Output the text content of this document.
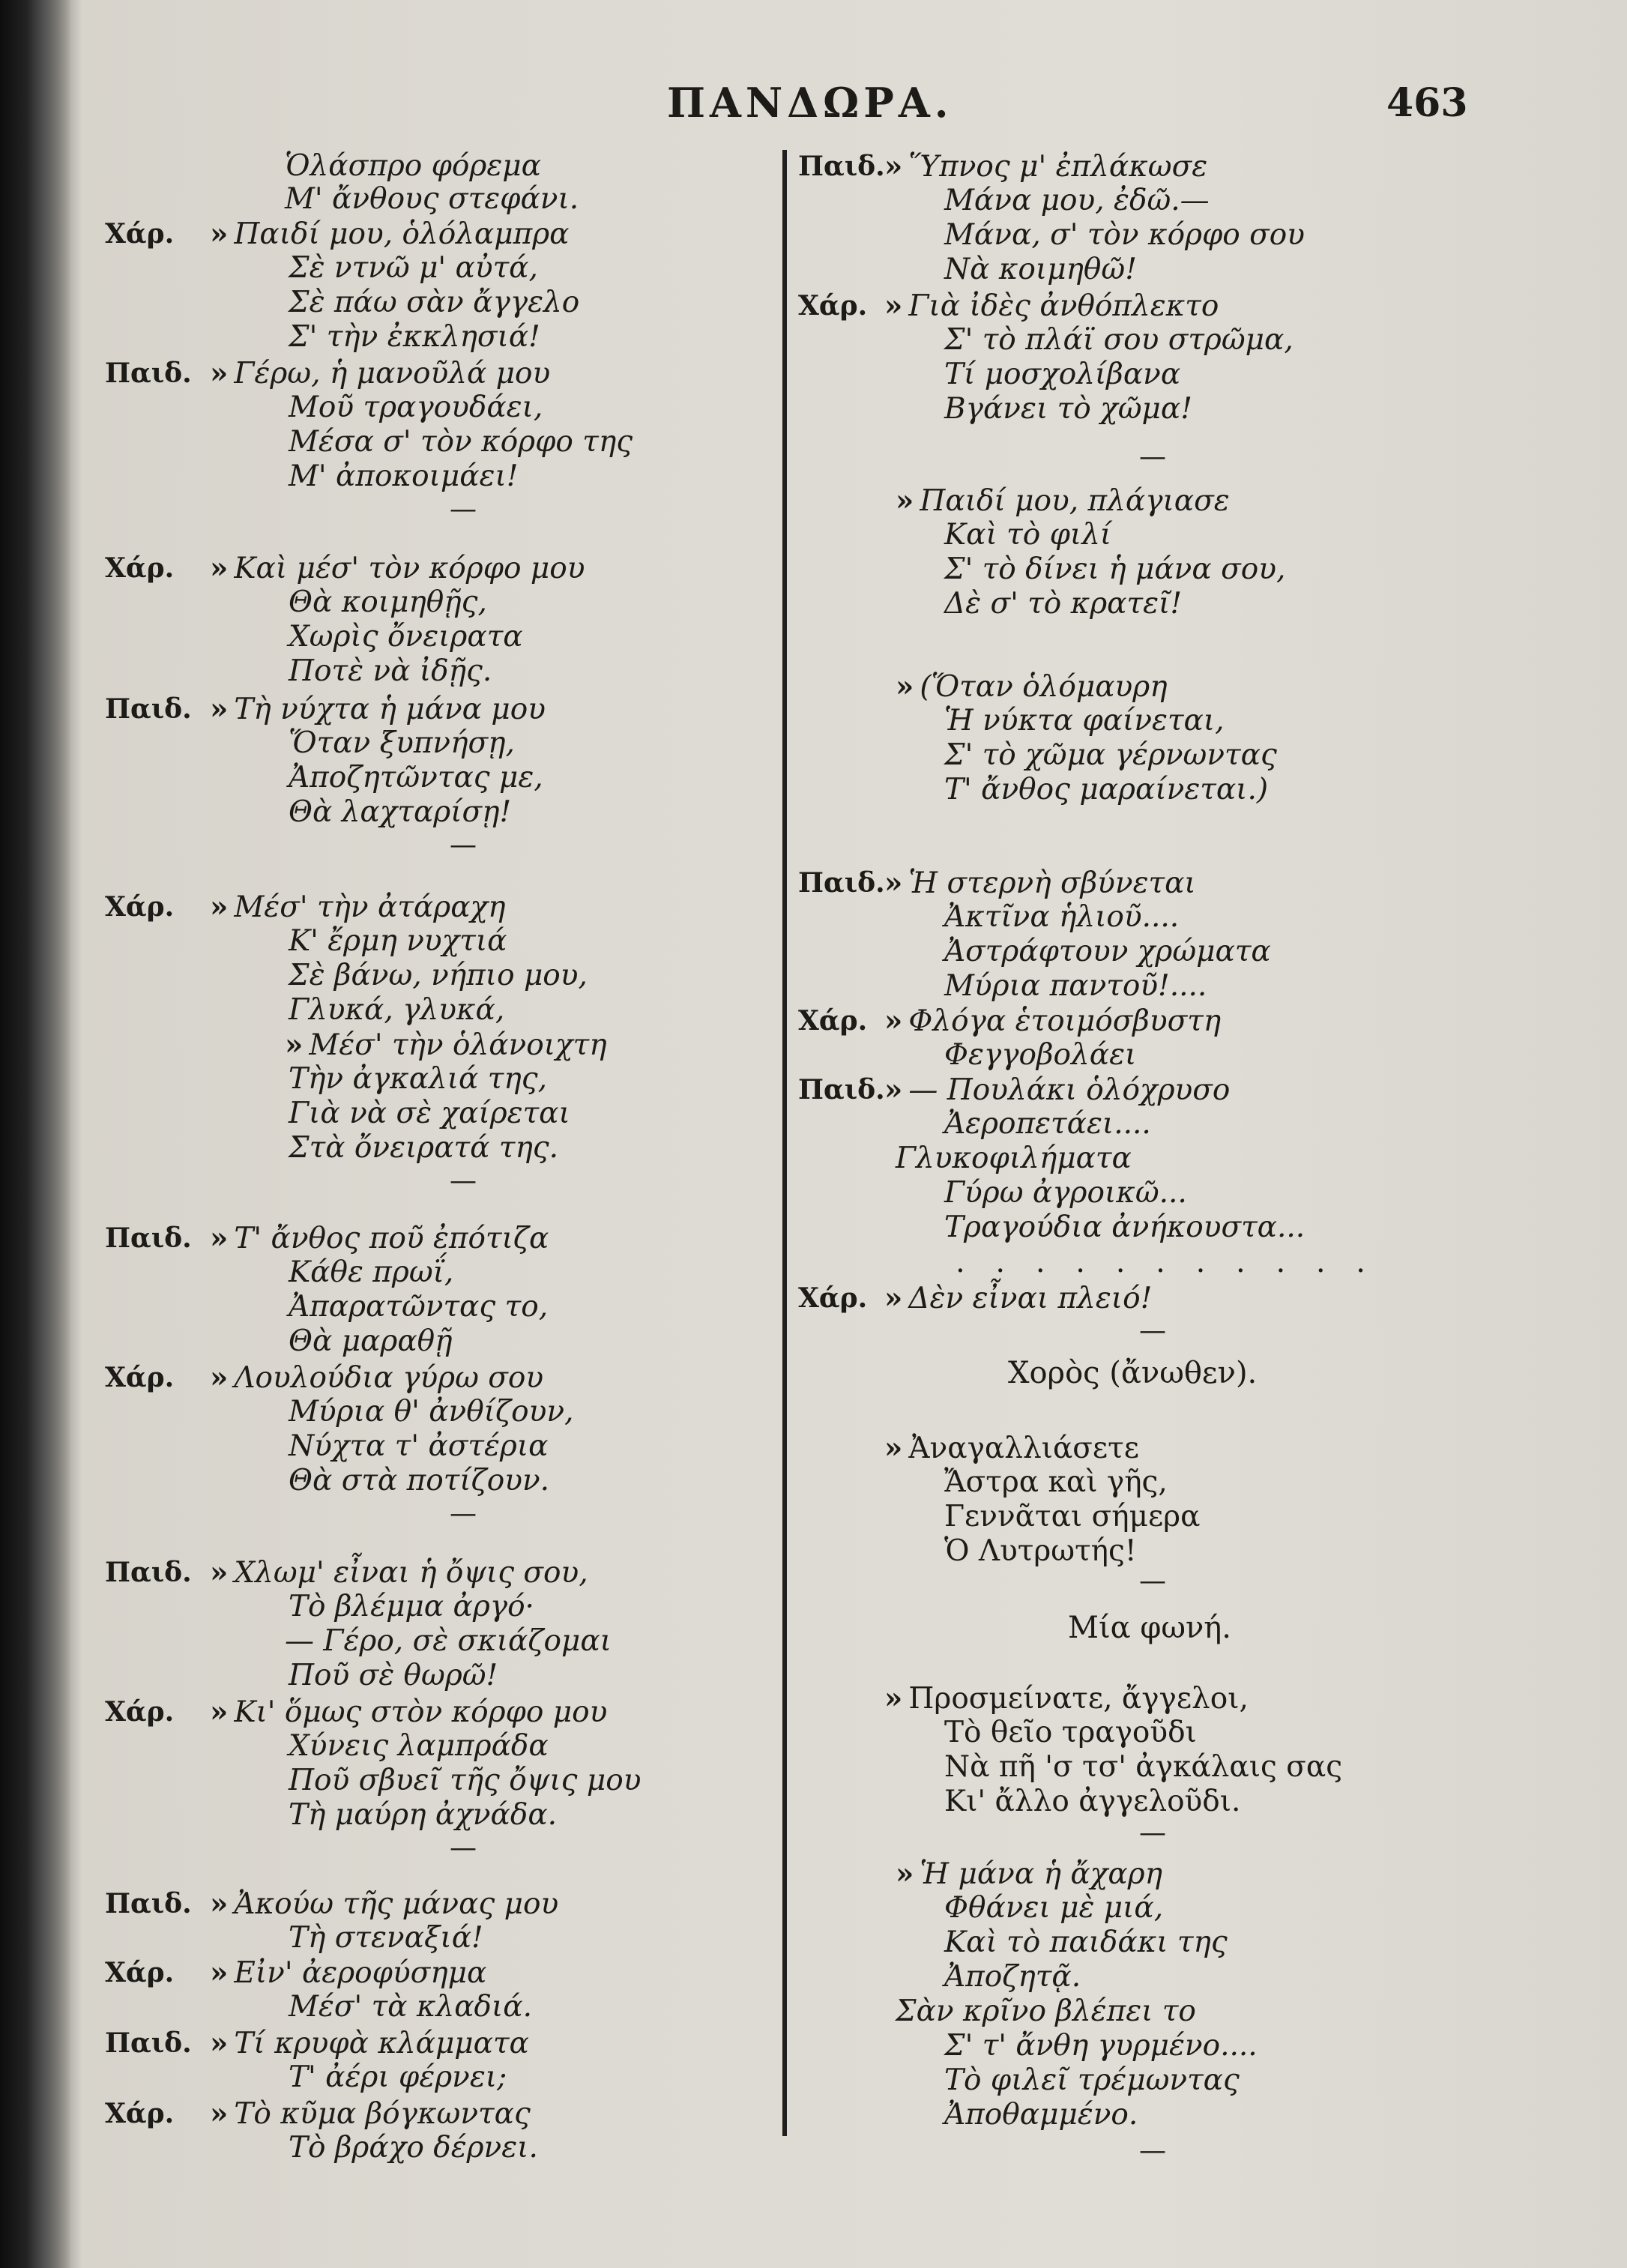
ΠΑΝΔΩΡΑ.	463
Ὁλάσπρο φόρεμα
Μ' ἄνθους στεφάνι.
Χάρ. » Παιδί μου, ὁλόλαμπρα
Σὲ ντνῶ μ' αὐτά,
Σὲ πάω σὰν ἄγγελο
Σ' τὴν ἐκκλησιά!
Παιδ. » Γέρω, ἡ μανοῦλά μου
Μοῦ τραγουδάει,
Μέσα σ' τὸν κόρφο της
Μ' ἀποκοιμάει!
Χάρ. » Καὶ μέσ' τὸν κόρφο μου
Θὰ κοιμηθῇς,
Χωρὶς ὄνειρατα
Ποτὲ νὰ ἰδῇς.
Παιδ. » Τὴ νύχτα ἡ μάνα μου
Ὅταν ξυπνήσῃ,
Ἀποζητῶντας με,
Θὰ λαχταρίσῃ!
Χάρ. » Μέσ' τὴν ἀτάραχη
Κ' ἔρμη νυχτιά
Σὲ βάνω, νήπιο μου,
Γλυκά, γλυκά,
» Μέσ' τὴν ὁλάνοιχτη
Τὴν ἀγκαλιά της,
Γιὰ νὰ σὲ χαίρεται
Στὰ ὄνειρατά της.
Παιδ. » Τ' ἄνθος ποῦ ἐπότιζα
Κάθε πρωΐ,
Ἀπαρατῶντας το,
Θὰ μαραθῇ
Χάρ. » Λουλούδια γύρω σου
Μύρια θ' ἀνθίζουν,
Νύχτα τ' ἀστέρια
Θὰ στὰ ποτίζουν.
Παιδ. » Χλωμ' εἶναι ἡ ὄψις σου,
Τὸ βλέμμα ἀργό·
— Γέρο, σὲ σκιάζομαι
Ποῦ σὲ θωρῶ!
Χάρ. » Κι' ὅμως στὸν κόρφο μου
Χύνεις λαμπράδα
Ποῦ σβυεῖ τῆς ὄψις μου
Τὴ μαύρη ἀχνάδα.
Παιδ. » Ἀκούω τῆς μάνας μου
Τὴ στεναξιά!
Χάρ. » Εἰν' ἀεροφύσημα
Μέσ' τὰ κλαδιά.
Παιδ. » Τί κρυφὰ κλάμματα
Τ' ἀέρι φέρνει;
Χάρ. » Τὸ κῦμα βόγκωντας
Τὸ βράχο δέρνει.
—
—
—
—
—
Παιδ. » Ὕπνος μ' ἐπλάκωσε
Μάνα μου, ἐδῶ.—
Μάνα, σ' τὸν κόρφο σου
Νὰ κοιμηθῶ!
Χάρ. » Γιὰ ἰδὲς ἀνθόπλεκτο
Σ' τὸ πλάϊ σου στρῶμα,
Τί μοσχολίβανα
Βγάνει τὸ χῶμα!
» Παιδί μου, πλάγιασε
Καὶ τὸ φιλί
Σ' τὸ δίνει ἡ μάνα σου,
Δὲ σ' τὸ κρατεῖ!
» (Ὅταν ὁλόμαυρη
Ἡ νύκτα φαίνεται,
Σ' τὸ χῶμα γέρνωντας
Τ' ἄνθος μαραίνεται.)
Παιδ. » Ἡ στερνὴ σβύνεται
Ἀκτῖνα ἡλιοῦ....
Ἀστράφτουν χρώματα
Μύρια παντοῦ!....
Χάρ. » Φλόγα ἑτοιμόσβυστη
Φεγγοβολάει
Παιδ. » — Πουλάκι ὁλόχρυσο
Ἀεροπετάει....
Γλυκοφιλήματα
Γύρω ἀγροικῶ...
Τραγούδια ἀνήκουστα...
Χάρ. » Δὲν εἶναι πλειό!
» Ἀναγαλλιάσετε
Ἄστρα καὶ γῆς,
Γεννᾶται σήμερα
Ὁ Λυτρωτής!
» Προσμείνατε, ἄγγελοι,
Τὸ θεῖο τραγοῦδι
Νὰ πῆ 'σ τσ' ἀγκάλαις σας
Κι' ἄλλο ἀγγελοῦδι.
» Ἡ μάνα ἡ ἄχαρη
Φθάνει μὲ μιά,
Καὶ τὸ παιδάκι της
Ἀποζητᾷ.
Σὰν κρῖνο βλέπει το
Σ' τ' ἄνθη γυρμένο....
Τὸ φιλεῖ τρέμωντας
Ἀποθαμμένο.
—
—
—
—
—
Χορὸς (ἄνωθεν).
Μία φωνή.
. . . . . . . . . . .
